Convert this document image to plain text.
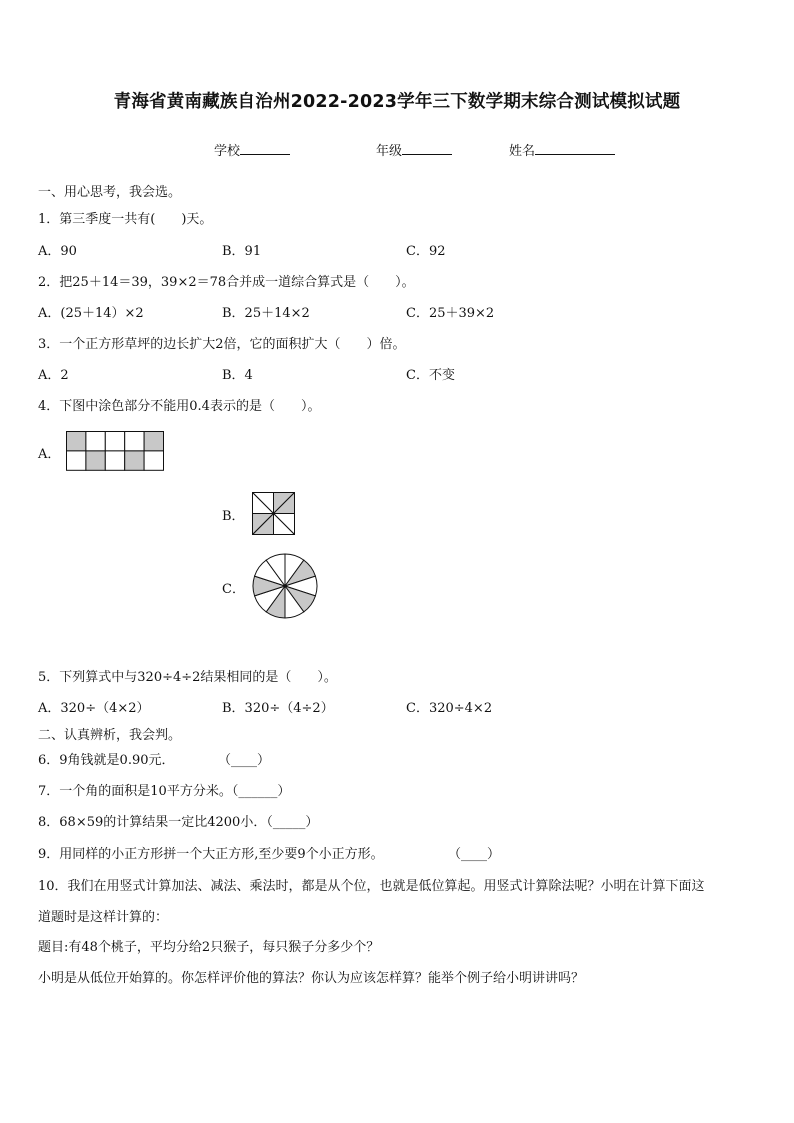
青海省黄南藏族自治州2022-2023学年三下数学期末综合测试模拟试题
学校	年级	姓名
一、用心思考，我会选。
1．第三季度一共有(　　)天。
A．90	B．91	C．92
2．把25＋14＝39，39×2＝78合并成一道综合算式是（　　）。
A．(25＋14）×2	B．25＋14×2	C．25＋39×2
3．一个正方形草坪的边长扩大2倍，它的面积扩大（　　）倍。
A．2	B．4	C．不变
4．下图中涂色部分不能用0.4表示的是（　　）。
A．
B．
C．
5．下列算式中与320÷4÷2结果相同的是（　　）。
A．320÷（4×2）	B．320÷（4÷2）	C．320÷4×2
二、认真辨析，我会判。
6．9角钱就是0.90元．	（____）
7．一个角的面积是10平方分米。（______）
8．68×59的计算结果一定比4200小．（_____）
9．用同样的小正方形拼一个大正方形,至少要9个小正方形。	（____）
10．我们在用竖式计算加法、减法、乘法时，都是从个位，也就是低位算起。用竖式计算除法呢？小明在计算下面这
道题时是这样计算的：
题目:有48个桃子，平均分给2只猴子，每只猴子分多少个？
小明是从低位开始算的。你怎样评价他的算法？你认为应该怎样算？能举个例子给小明讲讲吗？
